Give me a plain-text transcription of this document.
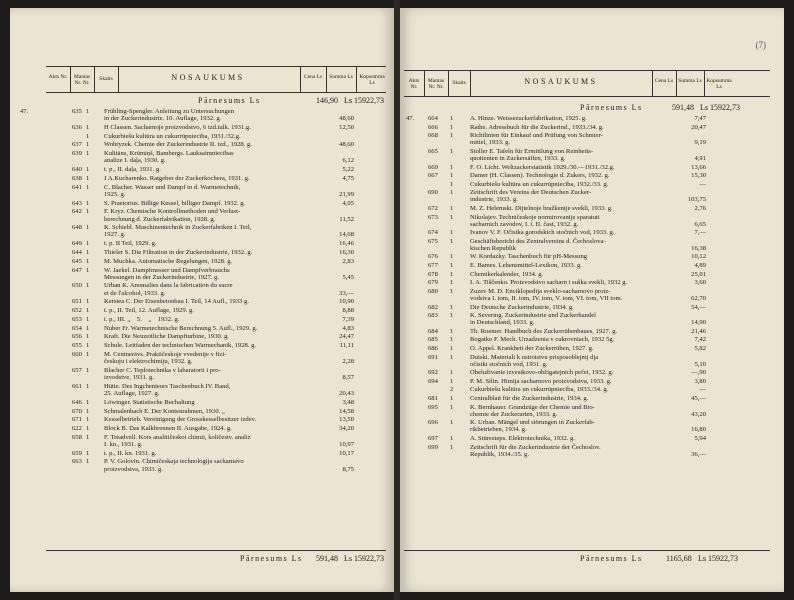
Akts Nr.	Mantas Nr. Nr.
Skaits	NOSAUKUMS	Cena Ls	Summa Ls Kopsumma Ls
Pārnesums Ls	146,90 Ls 15922,73
47.	635 1 Frühling-Spengler. Anleitung zu Untersuchungen
in der Zuckerindustrie. 10. Auflage, 1932. g.	48,60
636 1 H Classen. Sacharnoje proizvodstvo, 6 izd.tulk. 1931.g.	12,50
1 Cukurbiešu kultūra un cukurrūpniecība, 1931./32.g.
637 1 Wohryzek. Chemie der Zuckerindustrie II. izd., 1928. g.	48,60
639 1 Kulitāns, Krūmiņš, Bambergs. Lauksaimniecības
analīze I. daļa, 1930. g.	6,12
640 1 t. p., II. daļa, 1931. g.	5,22
638 1 J A.Kucharenko. Ratgeber der Zuckerkochera, 1931. g.	4,75
641 1 C. Blacher. Wasser und Dampf in d. Warmetechnik,
1925. g.	21,99
643 1 S. Praetorius. Billige Kessel, billiger Dampf. 1932. g.	4,05
642 1 F. Kryz. Chemische Kontrollmethoden und Verlust-
berechnung d. Zuckerfabrikation, 1928. g.	11,52
648 1 K. Schiebl. Maschinentechnik in Zuckerfabriken I. Teil,
1927. g.	14,68
649 1 t. p. II Teil, 1929. g.	16,46
644 1 Thieler S. Die Filtration in der Zuckerindustrie, 1932. g.	16,30
645 1 M. Muchka. Automatische Regelungen, 1928. g.	2,83
647 1 W. Jaekel. Dampfmesser und Dampfverbrauchs
Messungen in der Zuckerindustrie, 1927. g.	5,45
650 1 Urban K. Anomalies dans la fabrication du sucre
et de l'alcohol, 1933. g.	33,—
651 1 Kerstea C. Der Eisenbetonbau I. Teil, 14 Aufl., 1933 g.	10,90
652 1 t. p., II. Teil, 12. Auflage, 1929. g.	8,88
653 1 t. p., III. „    5.    „    1932. g.	7,39
654 1 Nuber Fr. Warmetechnische Berechnung 5. Aufl., 1929. g.	4,83
656 1 Kraft. Die Neuzeitliche Dampfturbine, 1930. g.	24,47
655 1 Schule. Leitfaden der technischen Warmechanik, 1928. g.	11,11
660 1 M. Centnerāvs. Praktičeskoje vvedenije v fizi-
českuju i elektrochimiju, 1932. g.	2,28
657 1 Blacher C. Teplotechnika v labaratorii i pro-
izvodstve, 1931. g.	8,57
661 1 Hütte. Des Ingchenieurs Taschenbuch IV. Band,
25. Auflage, 1927. g.	20,43
646 1 Löwinger. Statistische Buchaltung	3,48
670 1 Schmalenbach E. Der Kontenrahmen, 1930. „	14,58
671 1 Kesselbetrieb. Vereinigung der Grosskesselbesitzer izdev.	13,50
622 1 Block B. Das Kalkbrennen II. Ausgabe, 1924. g.	34,20
658 1 F. Treadvell. Kors analitičeskoi chimii, količestv. analiz
I. kn., 1931. g.	10,97
659 1 t. p., II. kn. 1931. g.	10,17
663 1 P. V. Golovin. Chimičeskaja technologija sacharnavo
proizvodstva, 1933. g.	8,75
Pārnesums Ls 591,48 Ls 15922,73
(7)
Akts Nr.
Mantas Nr. Nr.
Skaits	NOSAUKUMS	Cena Ls Summa Ls Kopsumma Ls
Pārnesums Ls	591,48 Ls 15922,73
47. 664 1	A. Hinze. Weissezuckerfabrikation, 1925. g.	7,47
666 1	Rathe. Adressbuch für die Zuckerind., 1933./34. g.	20,47
668 1	Richtlinien für Einkauf und Prüfung von Schmier-
mittel, 1933. g.	9,19
665 1	Stoller E. Tafeln für Ermittlung von Reinheits-
quotienten in Zuckersäften, 1933. g.	4,91
669 1	F. O. Licht. Weltzackerstatistik 1929./30.—1931./32.g.	13,66
667 1	Damer (H. Classen). Technologie d. Zukers, 1932. g.	15,30
1	Cukurbiešu kultūra un cukurrūpniecība, 1932./33. g.	—
690 1	Zeitschrift des Vereins der Deutschen Zucker-
industrie, 1933. g.	103,75
672 1	M. Z. Helemski. Dijtelnoje bražkenije svekli, 1933. g.	2,76
673 1	Nikolajev. Techničeskoje normirovanije sparatuti
sacharnich zavodov, I. i. II. čast, 1932. g.	6,65
674 1	Ivanov V. F. Očistka gorodskich stočnich vod, 1933. g.	7,—
675 1	Geschäftsbericht des Zentralvereins d. Čechoslova-
kischen Republik	16,38
676 1	W. Kordazky. Taschenbuch für pH-Messung	10,12
677 1	E. Bames. Lehensmittel-Lexikon, 1933. g.	4,89
678 1	Chemikerkalender, 1934. g.	25,01
679 1	I. A. Tiščenko. Proizvodstvo sacharn i suška svekli, 1932 g.	3,60
680 1	Zuzev M. D. Enciklopedija sveklo-sacharnovo proiz-
vodstva I. tom, II. tom, IV. tom, V. tom, VI. tom, VII tom.	62,70
682 1	Die Deutsche Zuckerindustrie, 1934. g.	54,—
683 1	K. Severing. Zuckerindustrie und Zuckerhandel
in Deutschland, 1933. g.	14,90
684 1	Th. Roemer. Handbuch des Zuckerrübenbaues, 1927. g.	21,46
685 1	Bogatko F. Mech. Urzadzenia v cukrovniach, 1932 5g.	7,42
686 1	O. Appel. Krankheit der Zuckerrüben, 1927. g.	5,82
691 1	Duiski. Materiali k ustroistvu prisposoblejnij dja
očistki stočnich vod, 1931. g.	5,10
692 1	Obeluživanie izvestkovo-obžigatejnich pečei, 1932. g.	—,90
694 1	P. M. Silin. Himija sacharnovo proizvodstva, 1933. g.	3,80
2	Cukurbiešu kultūra un cukurrūpniecība, 1933./34. g.	—
681 1	Centralblatt für die Zuckerindustrie, 1934. g.	45,—
695 1	K. Bernhauer. Grundzüge der Chemie und Bio-
chemie der Zuckerarten, 1933. g.	43,20
696 1	K. Urban. Mängel und störungen in Zuckerfab-
rikbetrieben, 1934. g.	16,80
697 1	A. Stūresteps. Elektrotechnika, 1932. g.	5,94
699 1	Zeitschrift für die Zuckerindustrie der Čechoslov.
Republik, 1934./35. g.	36,—
Pārnesums Ls	1165,68 Ls 15922,73
